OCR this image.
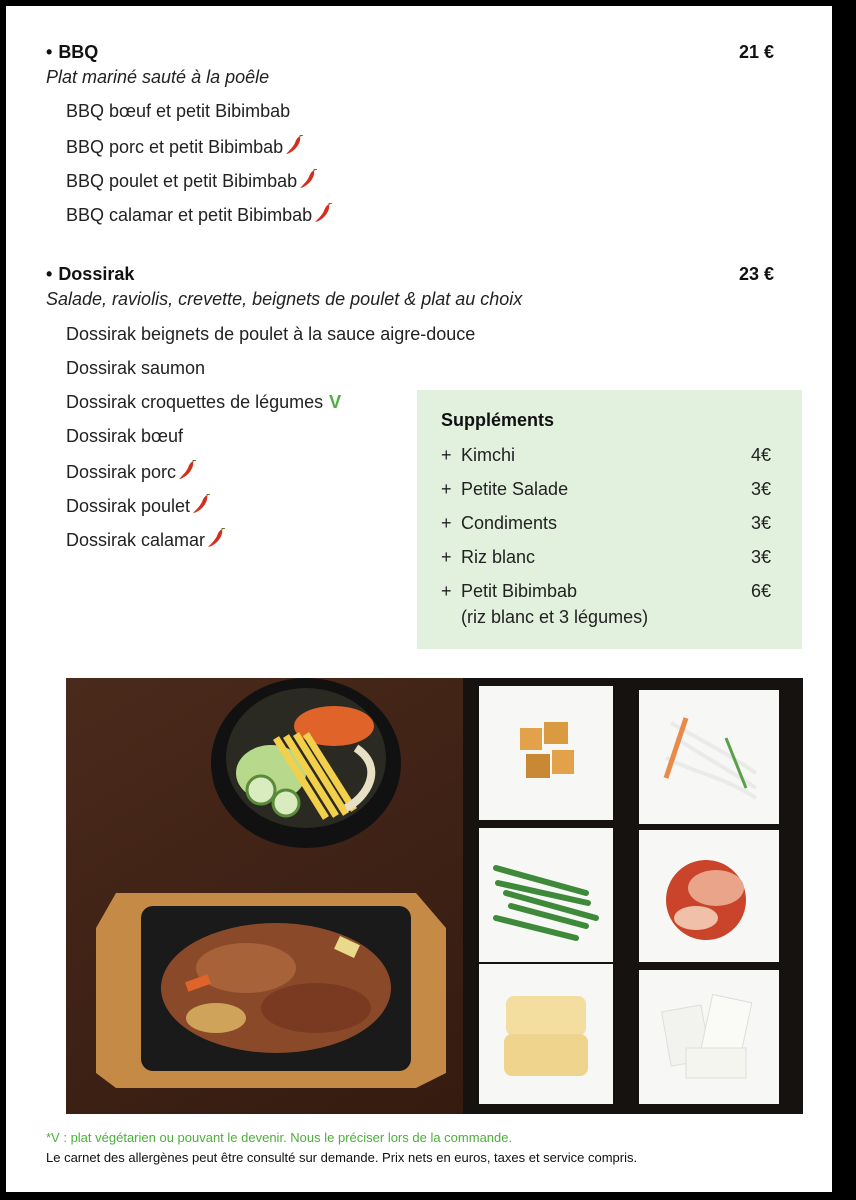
• BBQ	21 €
Plat mariné sauté à la poêle
BBQ bœuf et petit Bibimbab
BBQ porc et petit Bibimbab
BBQ poulet et petit Bibimbab
BBQ calamar et petit Bibimbab
• Dossirak	23 €
Salade, raviolis, crevette, beignets de poulet & plat au choix
Dossirak beignets de poulet à la sauce aigre-douce
Dossirak saumon
Dossirak croquettes de légumes V
Dossirak bœuf
Dossirak porc
Dossirak poulet
Dossirak calamar
Suppléments
+ Kimchi	4€
+ Petite Salade	3€
+ Condiments	3€
+ Riz blanc	3€
+ Petit Bibimbab	6€
(riz blanc et 3 légumes)
*V : plat végétarien ou pouvant le devenir. Nous le préciser lors de la commande.
Le carnet des allergènes peut être consulté sur demande. Prix nets en euros, taxes et service compris.
